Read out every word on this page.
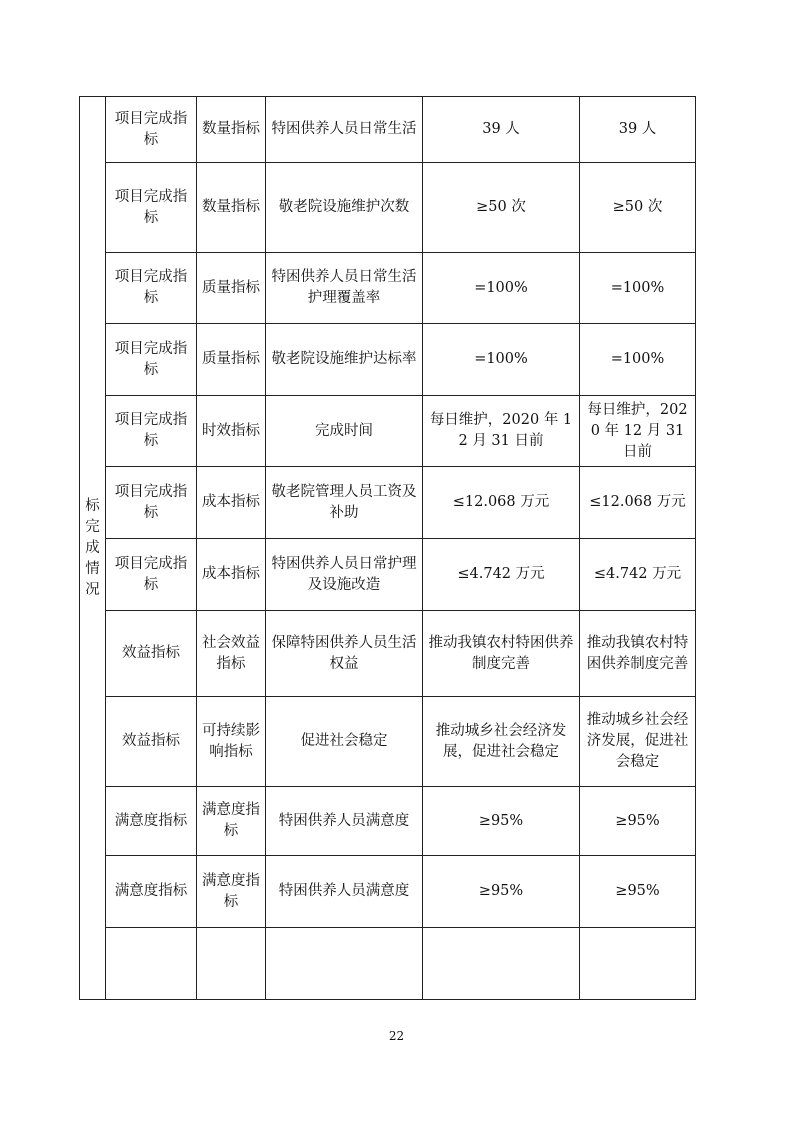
标完成情况	项目完成指标	数量指标	特困供养人员日常生活	39 人	39 人
	项目完成指标	数量指标	敬老院设施维护次数	≥50 次	≥50 次
	项目完成指标	质量指标	特困供养人员日常生活护理覆盖率	=100%	=100%
	项目完成指标	质量指标	敬老院设施维护达标率	=100%	=100%
	项目完成指标	时效指标	完成时间	每日维护，2020 年 12 月 31 日前	每日维护，2020 年 12 月 31 日前
	项目完成指标	成本指标	敬老院管理人员工资及补助	≤12.068 万元	≤12.068 万元
	项目完成指标	成本指标	特困供养人员日常护理及设施改造	≤4.742 万元	≤4.742 万元
	效益指标	社会效益指标	保障特困供养人员生活权益	推动我镇农村特困供养制度完善	推动我镇农村特困供养制度完善
	效益指标	可持续影响指标	促进社会稳定	推动城乡社会经济发展，促进社会稳定	推动城乡社会经济发展，促进社会稳定
	满意度指标	满意度指标	特困供养人员满意度	≥95%	≥95%
	满意度指标	满意度指标	特困供养人员满意度	≥95%	≥95%

22
